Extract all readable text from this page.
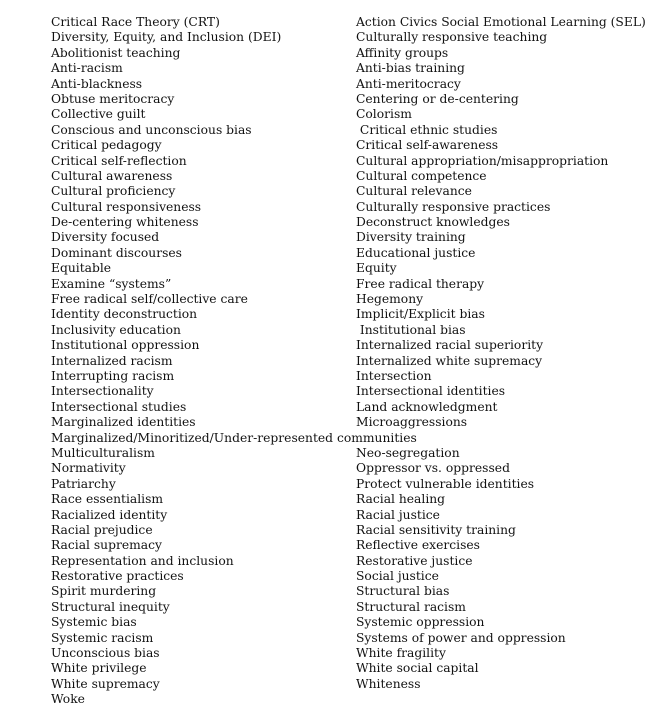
Critical Race Theory (CRT)	Action Civics Social Emotional Learning (SEL)
Diversity, Equity, and Inclusion (DEI)	Culturally responsive teaching
Abolitionist teaching	Affinity groups
Anti-racism	Anti-bias training
Anti-blackness	Anti-meritocracy
Obtuse meritocracy	Centering or de-centering
Collective guilt	Colorism
Conscious and unconscious bias	Critical ethnic studies
Critical pedagogy	Critical self-awareness
Critical self-reflection	Cultural appropriation/misappropriation
Cultural awareness	Cultural competence
Cultural proficiency	Cultural relevance
Cultural responsiveness	Culturally responsive practices
De-centering whiteness	Deconstruct knowledges
Diversity focused	Diversity training
Dominant discourses	Educational justice
Equitable	Equity
Examine “systems”	Free radical therapy
Free radical self/collective care	Hegemony
Identity deconstruction	Implicit/Explicit bias
Inclusivity education	Institutional bias
Institutional oppression	Internalized racial superiority
Internalized racism	Internalized white supremacy
Interrupting racism	Intersection
Intersectionality	Intersectional identities
Intersectional studies	Land acknowledgment
Marginalized identities	Microaggressions
Marginalized/Minoritized/Under-represented communities
Multiculturalism	Neo-segregation
Normativity	Oppressor vs. oppressed
Patriarchy	Protect vulnerable identities
Race essentialism	Racial healing
Racialized identity	Racial justice
Racial prejudice	Racial sensitivity training
Racial supremacy	Reflective exercises
Representation and inclusion	Restorative justice
Restorative practices	Social justice
Spirit murdering	Structural bias
Structural inequity	Structural racism
Systemic bias	Systemic oppression
Systemic racism	Systems of power and oppression
Unconscious bias	White fragility
White privilege	White social capital
White supremacy	Whiteness
Woke
